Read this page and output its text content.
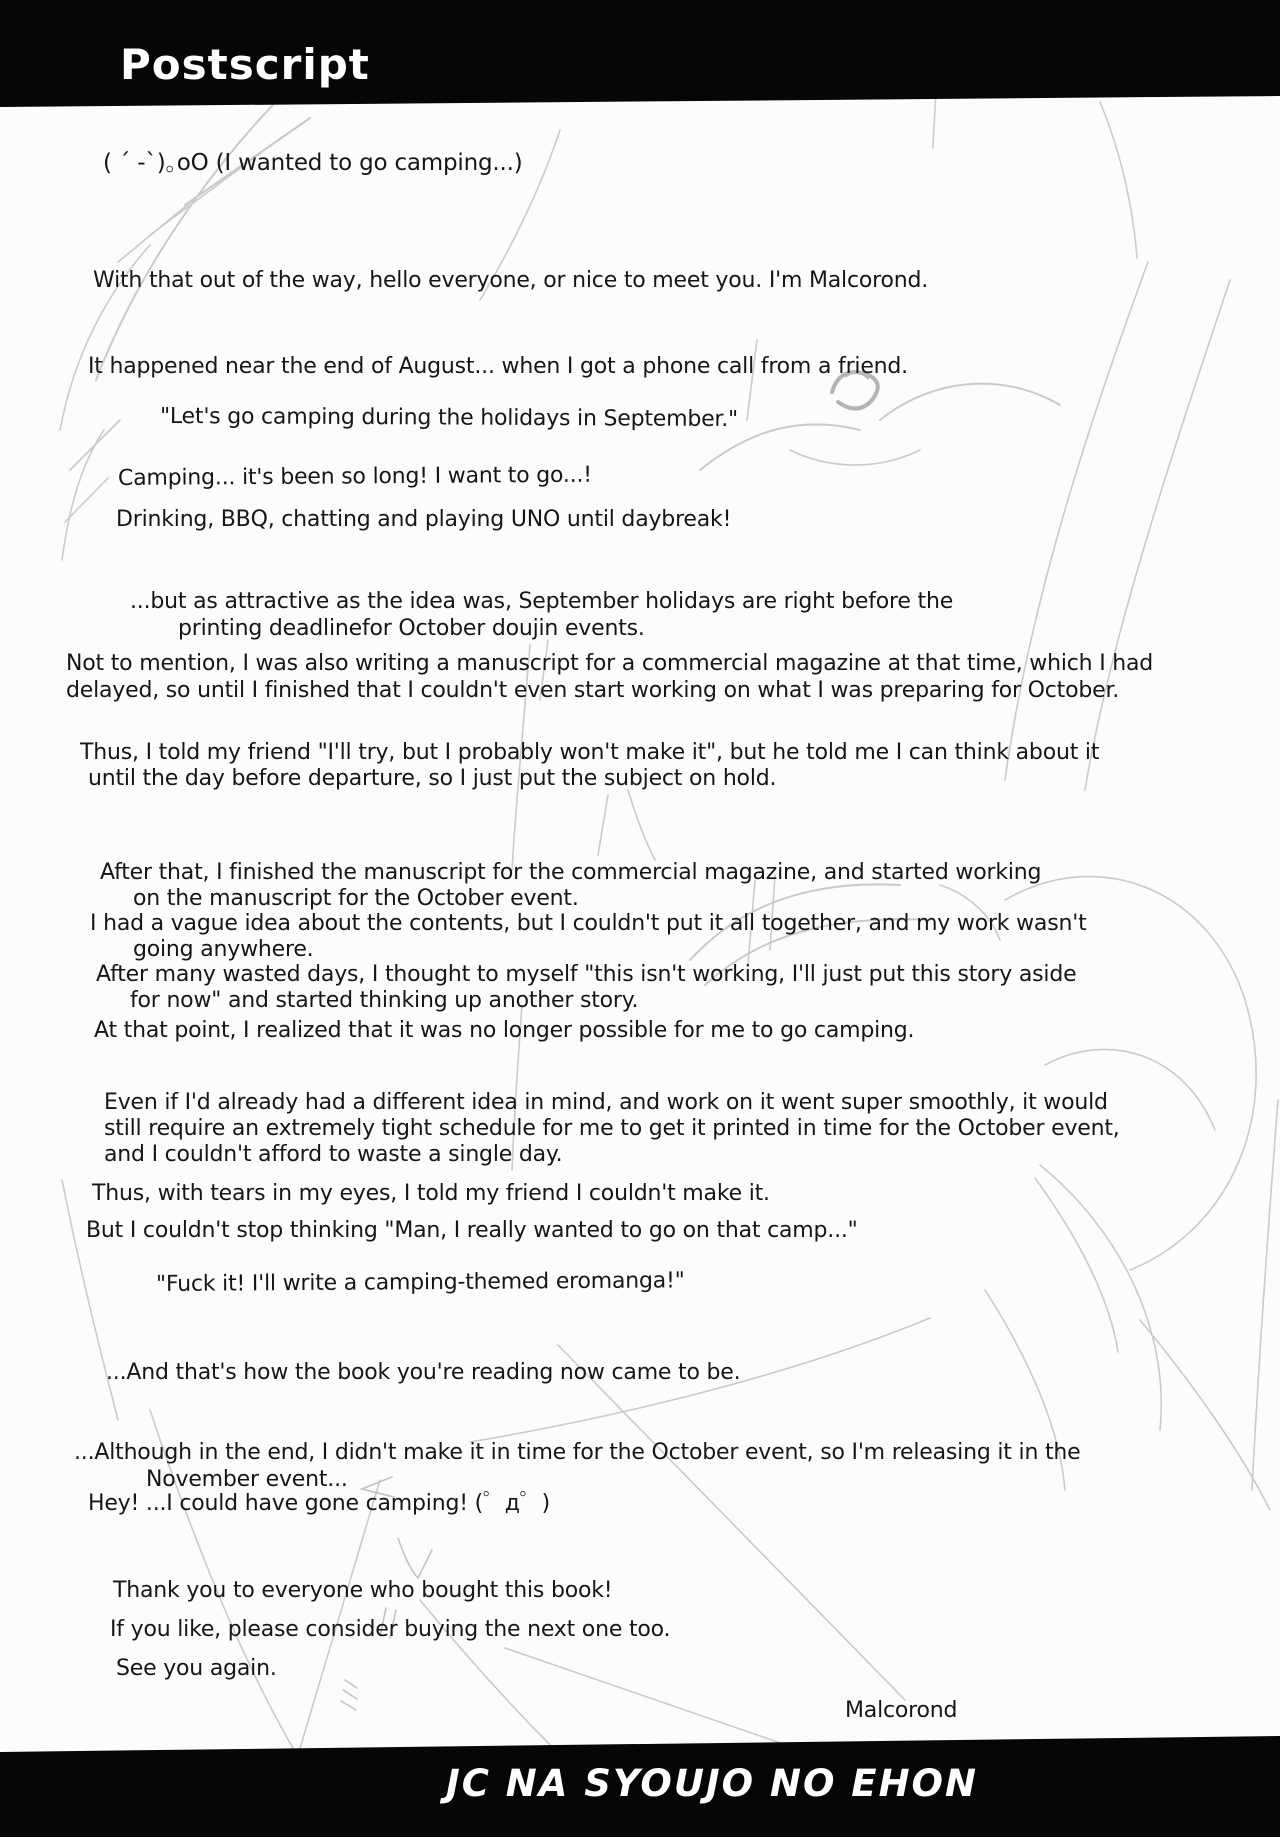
Postscript
( ´ -`)｡oO (I wanted to go camping...)
With that out of the way, hello everyone, or nice to meet you. I'm Malcorond.
It happened near the end of August... when I got a phone call from a friend.
"Let's go camping during the holidays in September."
Camping... it's been so long! I want to go...!
Drinking, BBQ, chatting and playing UNO until daybreak!
...but as attractive as the idea was, September holidays are right before the
printing deadlinefor October doujin events.
Not to mention, I was also writing a manuscript for a commercial magazine at that time, which I had
delayed, so until I finished that I couldn't even start working on what I was preparing for October.
Thus, I told my friend "I'll try, but I probably won't make it", but he told me I can think about it
until the day before departure, so I just put the subject on hold.
After that, I finished the manuscript for the commercial magazine, and started working
on the manuscript for the October event.
I had a vague idea about the contents, but I couldn't put it all together, and my work wasn't
going anywhere.
After many wasted days, I thought to myself "this isn't working, I'll just put this story aside
for now" and started thinking up another story.
At that point, I realized that it was no longer possible for me to go camping.
Even if I'd already had a different idea in mind, and work on it went super smoothly, it would
still require an extremely tight schedule for me to get it printed in time for the October event,
and I couldn't afford to waste a single day.
Thus, with tears in my eyes, I told my friend I couldn't make it.
But I couldn't stop thinking "Man, I really wanted to go on that camp..."
"Fuck it! I'll write a camping-themed eromanga!"
...And that's how the book you're reading now came to be.
...Although in the end, I didn't make it in time for the October event, so I'm releasing it in the
November event...
Hey! ...I could have gone camping! (゜д゜)
Thank you to everyone who bought this book!
If you like, please consider buying the next one too.
See you again.
Malcorond
JC NA SYOUJO NO EHON
